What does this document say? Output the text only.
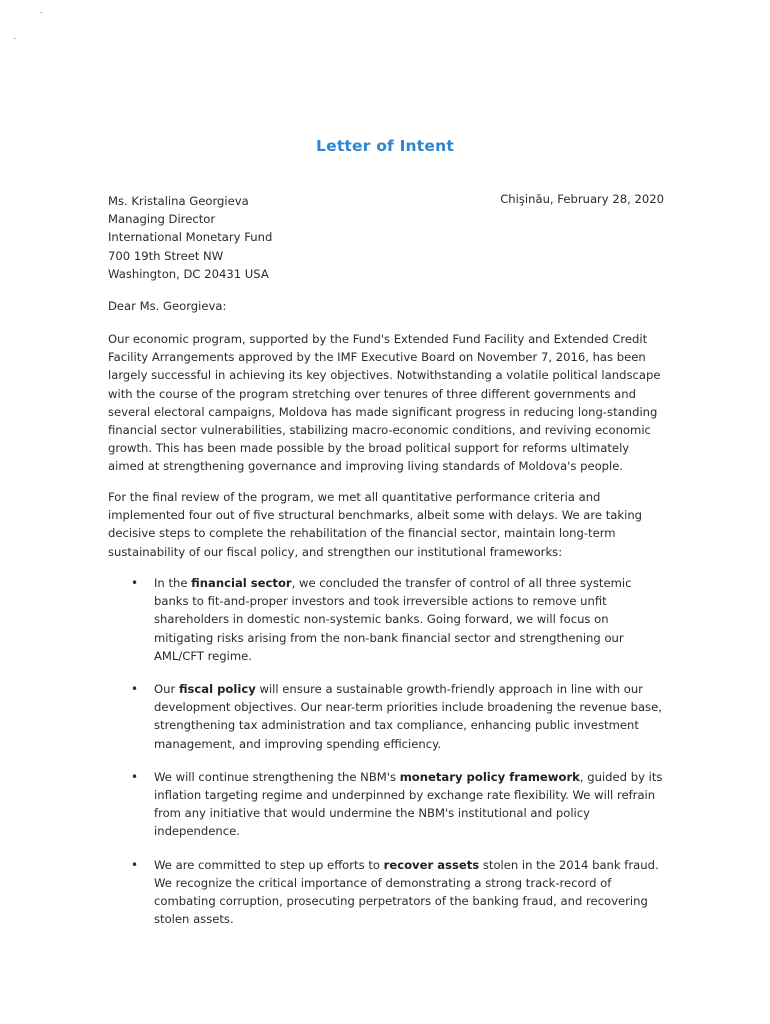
Letter of Intent
Chişinău, February 28, 2020
Ms. Kristalina Georgieva
Managing Director
International Monetary Fund
700 19th Street NW
Washington, DC 20431 USA
Dear Ms. Georgieva:

Our economic program, supported by the Fund's Extended Fund Facility and Extended Credit Facility Arrangements approved by the IMF Executive Board on November 7, 2016, has been largely successful in achieving its key objectives. Notwithstanding a volatile political landscape with the course of the program stretching over tenures of three different governments and several electoral campaigns, Moldova has made significant progress in reducing long-standing financial sector vulnerabilities, stabilizing macro-economic conditions, and reviving economic growth. This has been made possible by the broad political support for reforms ultimately aimed at strengthening governance and improving living standards of Moldova's people.

For the final review of the program, we met all quantitative performance criteria and implemented four out of five structural benchmarks, albeit some with delays. We are taking decisive steps to complete the rehabilitation of the financial sector, maintain long-term sustainability of our fiscal policy, and strengthen our institutional frameworks:

• In the financial sector, we concluded the transfer of control of all three systemic banks to fit-and-proper investors and took irreversible actions to remove unfit shareholders in domestic non-systemic banks. Going forward, we will focus on mitigating risks arising from the non-bank financial sector and strengthening our AML/CFT regime.
• Our fiscal policy will ensure a sustainable growth-friendly approach in line with our development objectives. Our near-term priorities include broadening the revenue base, strengthening tax administration and tax compliance, enhancing public investment management, and improving spending efficiency.
• We will continue strengthening the NBM's monetary policy framework, guided by its inflation targeting regime and underpinned by exchange rate flexibility. We will refrain from any initiative that would undermine the NBM's institutional and policy independence.
• We are committed to step up efforts to recover assets stolen in the 2014 bank fraud. We recognize the critical importance of demonstrating a strong track-record of combating corruption, prosecuting perpetrators of the banking fraud, and recovering stolen assets.
